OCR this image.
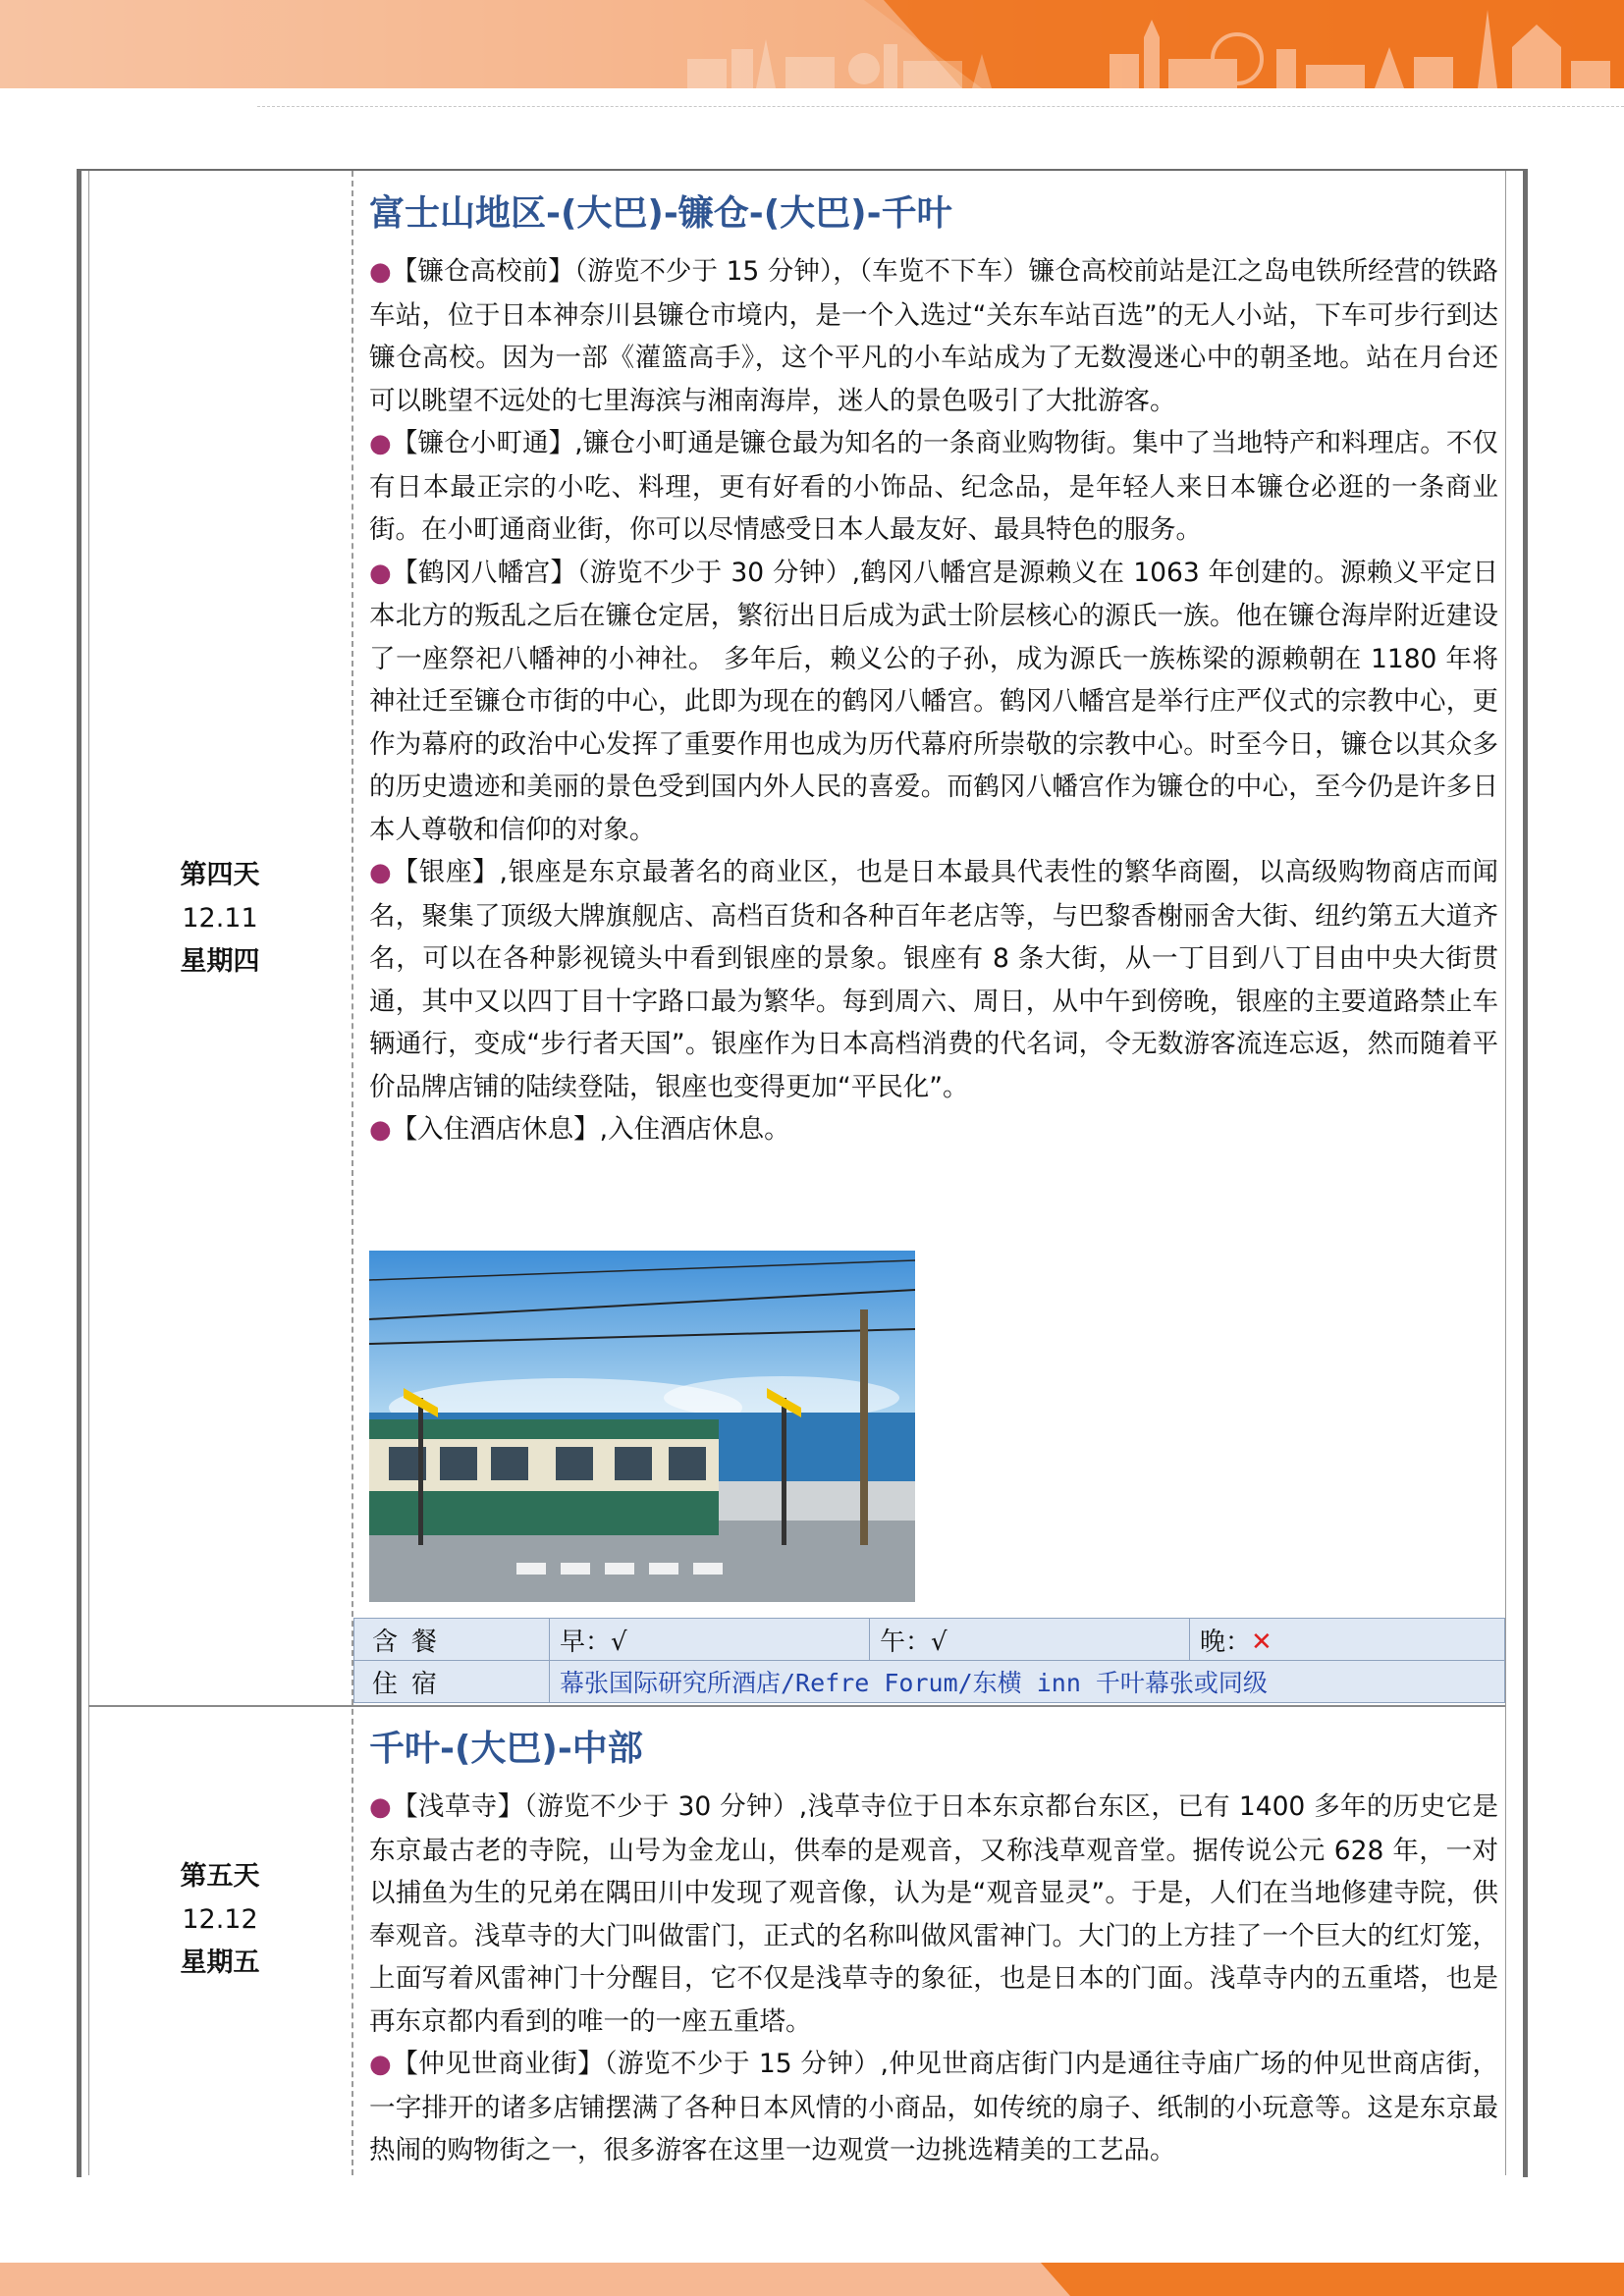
第四天
12.11
星期四
富士山地区-(大巴)-镰仓-(大巴)-千叶

●【镰仓高校前】（游览不少于 15 分钟），（车览不下车）镰仓高校前站是江之岛电铁所经营的铁路车站，位于日本神奈川县镰仓市境内，是一个入选过“关东车站百选”的无人小站，下车可步行到达镰仓高校。因为一部《灌篮高手》，这个平凡的小车站成为了无数漫迷心中的朝圣地。站在月台还可以眺望不远处的七里海滨与湘南海岸，迷人的景色吸引了大批游客。

●【镰仓小町通】,镰仓小町通是镰仓最为知名的一条商业购物街。集中了当地特产和料理店。不仅有日本最正宗的小吃、料理，更有好看的小饰品、纪念品，是年轻人来日本镰仓必逛的一条商业街。在小町通商业街，你可以尽情感受日本人最友好、最具特色的服务。

●【鹤冈八幡宫】（游览不少于 30 分钟）,鹤冈八幡宫是源赖义在 1063 年创建的。源赖义平定日本北方的叛乱之后在镰仓定居，繁衍出日后成为武士阶层核心的源氏一族。他在镰仓海岸附近建设了一座祭祀八幡神的小神社。 多年后，赖义公的子孙，成为源氏一族栋梁的源赖朝在 1180 年将神社迁至镰仓市街的中心，此即为现在的鹤冈八幡宫。鹤冈八幡宫是举行庄严仪式的宗教中心，更作为幕府的政治中心发挥了重要作用也成为历代幕府所崇敬的宗教中心。时至今日，镰仓以其众多的历史遗迹和美丽的景色受到国内外人民的喜爱。而鹤冈八幡宫作为镰仓的中心，至今仍是许多日本人尊敬和信仰的对象。

●【银座】,银座是东京最著名的商业区，也是日本最具代表性的繁华商圈，以高级购物商店而闻名，聚集了顶级大牌旗舰店、高档百货和各种百年老店等，与巴黎香榭丽舍大街、纽约第五大道齐名，可以在各种影视镜头中看到银座的景象。银座有 8 条大街，从一丁目到八丁目由中央大街贯通，其中又以四丁目十字路口最为繁华。每到周六、周日，从中午到傍晚，银座的主要道路禁止车辆通行，变成“步行者天国”。银座作为日本高档消费的代名词，令无数游客流连忘返，然而随着平价品牌店铺的陆续登陆，银座也变得更加“平民化”。

●【入住酒店休息】,入住酒店休息。

含餐	早：√	午：√	晚：✕
住宿	幕张国际研究所酒店/Refre Forum/东横 inn 千叶幕张或同级		
第五天
12.12
星期五
千叶-(大巴)-中部

●【浅草寺】（游览不少于 30 分钟）,浅草寺位于日本东京都台东区，已有 1400 多年的历史它是东京最古老的寺院，山号为金龙山，供奉的是观音，又称浅草观音堂。据传说公元 628 年，一对以捕鱼为生的兄弟在隅田川中发现了观音像，认为是“观音显灵”。于是，人们在当地修建寺院，供奉观音。浅草寺的大门叫做雷门，正式的名称叫做风雷神门。大门的上方挂了一个巨大的红灯笼，上面写着风雷神门十分醒目，它不仅是浅草寺的象征，也是日本的门面。浅草寺内的五重塔，也是再东京都内看到的唯一的一座五重塔。

●【仲见世商业街】（游览不少于 15 分钟）,仲见世商店街门内是通往寺庙广场的仲见世商店街，一字排开的诸多店铺摆满了各种日本风情的小商品，如传统的扇子、纸制的小玩意等。这是东京最热闹的购物街之一，很多游客在这里一边观赏一边挑选精美的工艺品。
